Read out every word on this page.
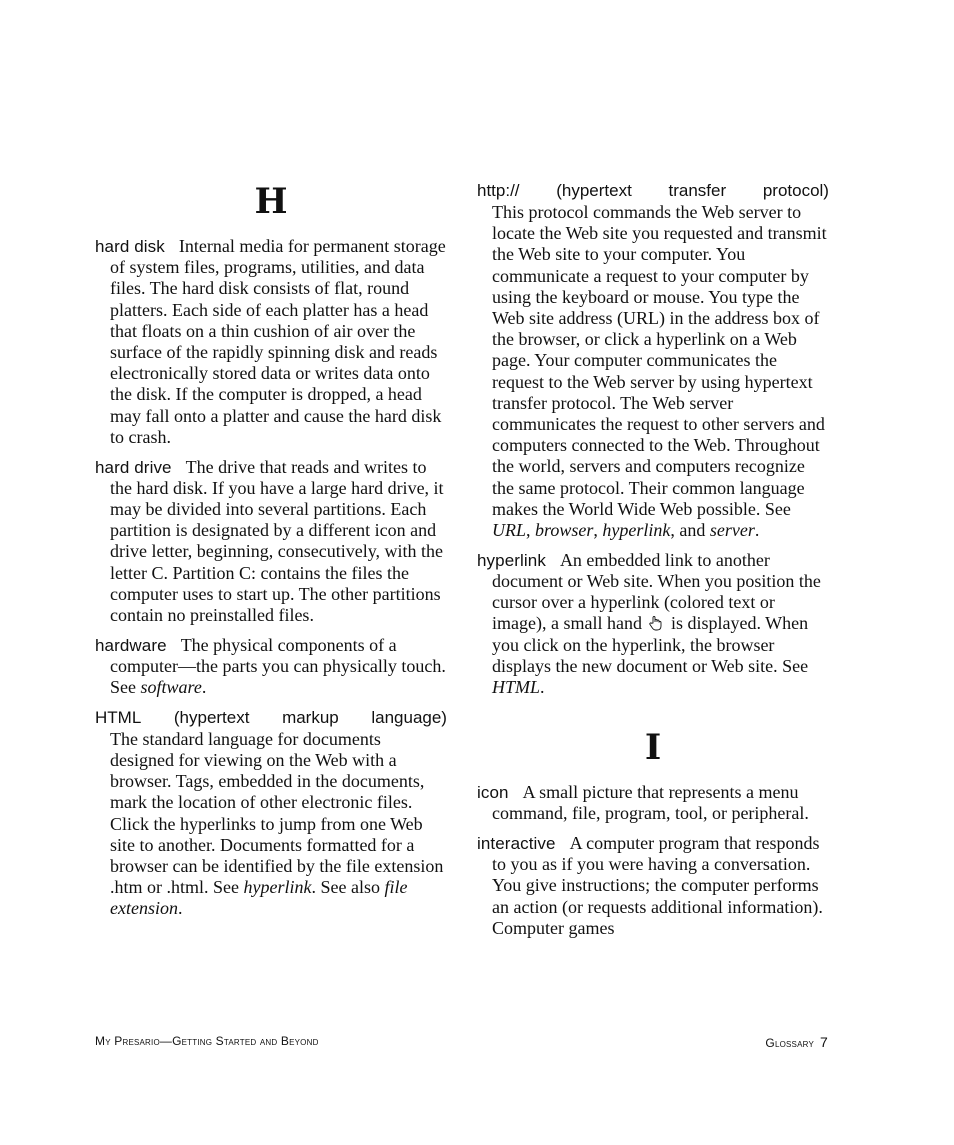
H

hard disk Internal media for permanent storage of system files, programs, utilities, and data files. The hard disk consists of flat, round platters. Each side of each platter has a head that floats on a thin cushion of air over the surface of the rapidly spinning disk and reads electronically stored data or writes data onto the disk. If the computer is dropped, a head may fall onto a platter and cause the hard disk to crash.

hard drive The drive that reads and writes to the hard disk. If you have a large hard drive, it may be divided into several partitions. Each partition is designated by a different icon and drive letter, beginning, consecutively, with the letter C. Partition C: contains the files the computer uses to start up. The other partitions contain no preinstalled files.

hardware The physical components of a computer—the parts you can physically touch. See software.

HTML (hypertext markup language)
The standard language for documents designed for viewing on the Web with a browser. Tags, embedded in the documents, mark the location of other electronic files. Click the hyperlinks to jump from one Web site to another. Documents formatted for a browser can be identified by the file extension .htm or .html. See hyperlink. See also file extension.

http:// (hypertext transfer protocol)
This protocol commands the Web server to locate the Web site you requested and transmit the Web site to your computer. You communicate a request to your computer by using the keyboard or mouse. You type the Web site address (URL) in the address box of the browser, or click a hyperlink on a Web page. Your computer communicates the request to the Web server by using hypertext transfer protocol. The Web server communicates the request to other servers and computers connected to the Web. Throughout the world, servers and computers recognize the same protocol. Their common language makes the World Wide Web possible. See URL, browser, hyperlink, and server.

hyperlink An embedded link to another document or Web site. When you position the cursor over a hyperlink (colored text or image), a small hand is displayed. When you click on the hyperlink, the browser displays the new document or Web site. See HTML.

I

icon A small picture that represents a menu command, file, program, tool, or peripheral.

interactive A computer program that responds to you as if you were having a conversation. You give instructions; the computer performs an action (or requests additional information). Computer games

My Presario—Getting Started and Beyond	Glossary 7
